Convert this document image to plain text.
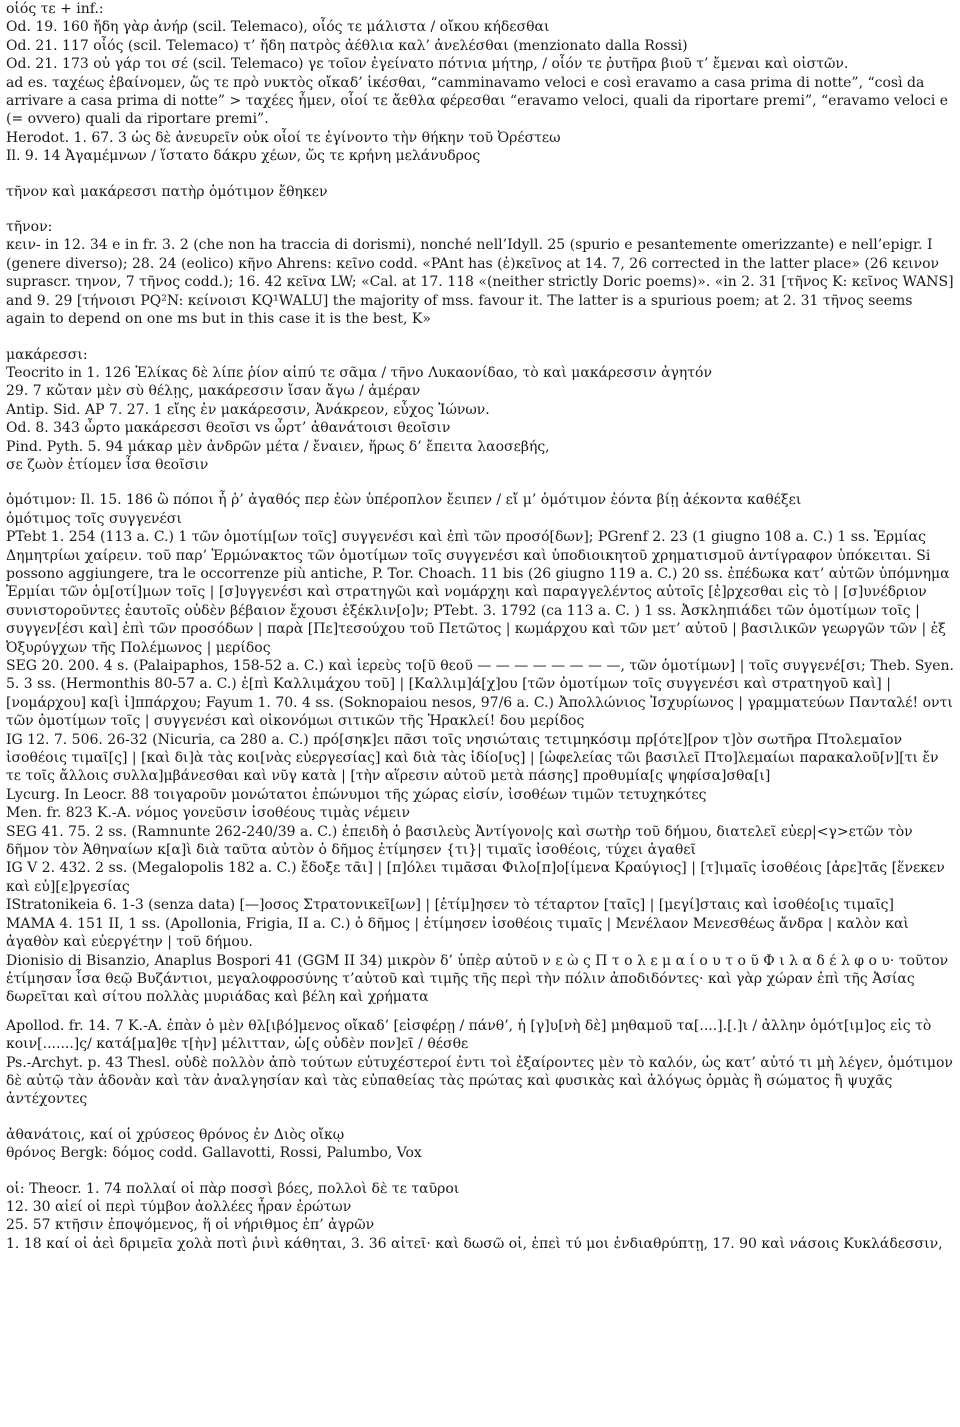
οἱός τε + inf.:

Od. 19. 160 ἤδη γὰρ ἀνήρ (scil. Telemaco), οἷός τε μάλιστα / οἴκου κήδεσθαι

Od. 21. 117 οἷός (scil. Telemaco) τ’ ἤδη πατρὸς ἀέθλια καλ’ ἀνελέσθαι (menzionato dalla Rossi)

Od. 21. 173 οὐ γάρ τοι σέ (scil. Telemaco) γε τοῖον ἐγείνατο πότνια μήτηρ, / οἷόν τε ῥυτῆρα βιοῦ τ’ ἔμεναι καὶ οἰστῶν.

ad es. ταχέως ἐβαίνομεν, ὥς τε πρὸ νυκτὸς οἴκαδ’ ἱκέσθαι, “camminavamo veloci e così eravamo a casa prima di notte”, “così da arrivare a casa prima di notte” > ταχέες ἦμεν, οἷοί τε ἄεθλα φέρεσθαι “eravamo veloci, quali da riportare premi”, “eravamo veloci e (= ovvero) quali da riportare premi”.

Herodot. 1. 67. 3 ὡς δὲ ἀνευρεῖν οὐκ οἷοί τε ἐγίνοντο τὴν θήκην τοῦ Ὀρέστεω

Il. 9. 14 Ἀγαμέμνων / ἵστατο δάκρυ χέων, ὥς τε κρήνη μελάνυδρος

τῆνον καὶ μακάρεσσι πατὴρ ὁμότιμον ἔθηκεν

τῆνον:

κειν- in 12. 34 e in fr. 3. 2 (che non ha traccia di dorismi), nonché nell’Idyll. 25 (spurio e pesantemente omerizzante) e nell’epigr. I (genere diverso); 28. 24 (eolico) κῆνο Ahrens: κεῖνο codd. «PAnt has (ἐ)κεῖνος at 14. 7, 26 corrected in the latter place» (26 κεινον suprascr. τηνον, 7 τῆνος codd.); 16. 42 κεῖνα LW; «Cal. at 17. 118 «(neither strictly Doric poems)». «in 2. 31 [τῆνος K: κεῖνος WANS] and 9. 29 [τήνοισι PQ²N: κείνοισι KQ¹WALU] the majority of mss. favour it. The latter is a spurious poem; at 2. 31 τῆνος seems again to depend on one ms but in this case it is the best, K»

μακάρεσσι:

Teocrito in 1. 126 Ἑλίκας δὲ λίπε ῥίον αἰπύ τε σᾶμα / τῆνο Λυκαονίδαο, τὸ καὶ μακάρεσσιν ἀγητόν

29. 7 κὤταν μὲν σὺ θέλῃς, μακάρεσσιν ἴσαν ἄγω / ἀμέραν

Antip. Sid. AP 7. 27. 1 εἴης ἐν μακάρεσσιν, Ἀνάκρεον, εὖχος Ἰώνων.

Od. 8. 343 ὦρτο μακάρεσσι θεοῖσι vs ὦρτ’ ἀθανάτοισι θεοῖσιν

Pind. Pyth. 5. 94 μάκαρ μὲν ἀνδρῶν μέτα / ἔναιεν, ἥρως δ’ ἔπειτα λαοσεβής,

σε ζωὸν ἐτίομεν ἶσα θεοῖσιν

ὁμότιμον: Il. 15. 186 ὢ πόποι ἦ ῥ’ ἀγαθός περ ἐὼν ὑπέροπλον ἔειπεν / εἴ μ’ ὁμότιμον ἐόντα βίῃ ἀέκοντα καθέξει

ὁμότιμος τοῖς συγγενέσι

PTebt 1. 254 (113 a. C.) 1 τῶν ὁμοτίμ[ων τοῖς] συγγενέσι καὶ ἐπὶ τῶν προσό[δων]; PGrenf 2. 23 (1 giugno 108 a. C.) 1 ss. Ἑρμίας Δημητρίωι χαίρειν. τοῦ παρ’ Ἑρμώνακτος τῶν ὁμοτίμων τοῖς συγγενέσι καὶ ὑποδιοικητοῦ χρηματισμοῦ ἀντίγραφον ὑπόκειται. Si possono aggiungere, tra le occorrenze più antiche, P. Tor. Choach. 11 bis (26 giugno 119 a. C.) 20 ss. ἐπέδωκα κατ’ αὐτῶν ὑπόμνημα Ἑρμίαι τῶν ὁμ[οτί]μων τοῖς | [σ]υγγενέσι καὶ στρατηγῶι καὶ νομάρχηι καὶ παραγγελέντος αὐτοῖς [ἐ]ρχεσθαι εἰς τὸ | [σ]υνέδριον συνιστοροῦντες ἑαυτοῖς οὐδὲν βέβαιον ἔχουσι ἐξέκλιν[ο]ν; PTebt. 3. 1792 (ca 113 a. C. ) 1 ss. Ἀσκληπιάδει τῶν ὁμοτίμων τοῖς | συγγεν[έσι καὶ] ἐπὶ τῶν προσόδων | παρὰ [Πε]τεσούχου τοῦ Πετῶτος | κωμάρχου καὶ τῶν μετ’ αὐτοῦ | βασιλικῶν γεωργῶν τῶν | ἐξ Ὀξυρύγχων τῆς Πολέμωνος | μερίδος

SEG 20. 200. 4 s. (Palaipaphos, 158-52 a. C.) καὶ ἱερεὺς το[ῦ θεοῦ — — — — — — — —, τῶν ὁμοτίμων] | τοῖς συγγενέ[σι; Theb. Syen. 5. 3 ss. (Hermonthis 80-57 a. C.) ἐ[πὶ Καλλιμάχου τοῦ] | [Καλλιμ]ά[χ]ου [τῶν ὁμοτίμων τοῖς συγγενέσι καὶ στρατηγοῦ καὶ] | [νομάρχου] κα[ὶ ἱ]ππάρχου; Fayum 1. 70. 4 ss. (Soknopaiou nesos, 97/6 a. C.) Ἀπολλώνιος Ἰσχυρίωνος | γραμματεύων Πανταλέ! οντι τῶν ὁμοτίμων τοῖς | συγγενέσι καὶ οἰκονόμωι σιτικῶν τῆς Ἡρακλεί! δου μερίδος

IG 12. 7. 506. 26-32 (Nicuria, ca 280 a. C.) πρό[σηκ]ει πᾶσι τοῖς νησιώταις τετιμηκόσιμ πρ[ότε][ρον τ]ὸν σωτῆρα Πτολεμαῖον ἰσοθέοις τιμαῖ[ς] | [καὶ δι]ὰ τὰς κοι[νὰς εὐεργεσίας] καὶ διὰ τὰς ἰδίο[υς] | [ὠφελείας τῶι βασιλεῖ Πτο]λεμαίωι παρακαλοῦ[ν][τι ἔν τε τοῖς ἄλλοις συλλα]μβάνεσθαι καὶ νῦγ κατὰ | [τὴν αἵρεσιν αὐτοῦ μετὰ πάσης] προθυμία[ς ψηφίσα]σθα[ι]

Lycurg. In Leocr. 88 τοιγαροῦν μονώτατοι ἐπώνυμοι τῆς χώρας εἰσίν, ἰσοθέων τιμῶν τετυχηκότες

Men. fr. 823 K.-A. νόμος γονεῦσιν ἰσοθέους τιμὰς νέμειν

SEG 41. 75. 2 ss. (Ramnunte 262-240/39 a. C.) ἐπειδὴ ὁ βασιλεὺς Ἀντίγονο|ς καὶ σωτὴρ τοῦ δήμου, διατελεῖ εὐερ|<γ>ετῶν τὸν δῆμον τὸν Ἀθηναίων κ[α]ὶ διὰ ταῦτα αὐτὸν ὁ δῆμος ἐτίμησεν {τι}| τιμαῖς ἰσοθέοις, τύχει ἀγαθεῖ

IG V 2. 432. 2 ss. (Megalopolis 182 a. C.) ἔδοξε τᾶι] | [π]όλει τιμᾶσαι Φιλο[π]ο[ίμενα Κραύγιος] | [τ]ιμαῖς ἰσοθέοις [ἀρε]τᾶς [ἕνεκεν καὶ εὐ][ε]ργεσίας

IStratonikeia 6. 1-3 (senza data) [—]οσος Στρατονικεῖ[ων] | [ἐτίμ]ησεν τὸ τέταρτον [ταῖς] | [μεγί]σταις καὶ ἰσοθέο[ις τιμαῖς]

MAMA 4. 151 II, 1 ss. (Apollonia, Frigia, II a. C.) ὁ δῆμος | ἐτίμησεν ἰσοθέοις τιμαῖς | Μενέλαον Μενεσθέως ἄνδρα | καλὸν καὶ ἀγαθὸν καὶ εὐεργέτην | τοῦ δήμου.

Dionisio di Bisanzio, Anaplus Bospori 41 (GGM II 34) μικρὸν δ’ ὑπὲρ αὐτοῦ ν ε ὼ ς Π τ ο λ ε μ α ί ο υ τ ο ῦ Φ ι λ α δ έ λ φ ο υ· τοῦτον ἐτίμησαν ἶσα θεῷ Βυζάντιοι, μεγαλοφροσύνης τ’αὐτοῦ καὶ τιμῆς τῆς περὶ τὴν πόλιν ἀποδιδόντες· καὶ γὰρ χώραν ἐπὶ τῆς Ἀσίας δωρεῖται καὶ σίτου πολλὰς μυριάδας καὶ βέλη καὶ χρήματα

Apollod. fr. 14. 7 K.-A. ἐπὰν ὁ μὲν θλ[ιβό]μενος οἴκαδ’ [εἰσφέρῃ / πάνθ’, ἡ [γ]υ[νὴ δὲ] μηθαμοῦ τα[....].[.]ι / ἀλλην ὁμότ[ιμ]ος εἰς τὸ κοιν[.......]ς/ κατά[μα]θε τ[ὴν] μέλιτταν, ὡ[ς οὐδὲν πον]εῖ / θέσθε

Ps.-Archyt. p. 43 Thesl. οὐδὲ πολλὸν ἀπὸ τούτων εὐτυχέστεροί ἐντι τοὶ ἐξαίροντες μὲν τὸ καλόν, ὡς κατ’ αὐτό τι μὴ λέγεν, ὁμότιμον δὲ αὐτῷ τὰν ἁδονὰν καὶ τὰν ἀναλγησίαν καὶ τὰς εὐπαθείας τὰς πρώτας καὶ φυσικὰς καὶ ἀλόγως ὁρμὰς ἢ σώματος ἢ ψυχᾶς ἀντέχοντες

ἀθανάτοις, καί οἱ χρύσεος θρόνος ἐν Διὸς οἴκῳ

θρόνος Bergk: δόμος codd. Gallavotti, Rossi, Palumbo, Vox

οἱ: Theocr. 1. 74 πολλαί οἱ πὰρ ποσσὶ βόες, πολλοὶ δὲ τε ταῦροι

12. 30 αἰεί οἱ περὶ τύμβον ἀολλέες ἦραν ἐρώτων

25. 57 κτῆσιν ἐποψόμενος, ἥ οἱ νήριθμος ἐπ’ ἀγρῶν

1. 18 καί οἱ ἀεὶ δριμεῖα χολὰ ποτὶ ῥινὶ κάθηται, 3. 36 αἰτεῖ· καὶ δωσῶ οἱ, ἐπεὶ τύ μοι ἐνδιαθρύπτῃ, 17. 90 καὶ νάσοις Κυκλάδεσσιν,
